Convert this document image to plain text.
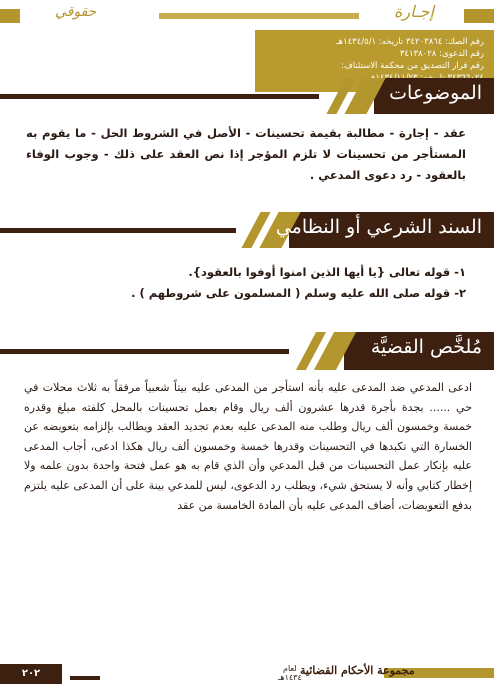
إجـارة
حقوقي
رقم الصك: ٣٤٢٠٣٨٦٤ تاريخه: ١٤٣٤/٥/١هـ
رقم الدعوى: ٣٤١٣٨٠٢٨
رقم قرار التصديق من محكمة الاستئناف:
الموضوعات
عقد - إجارة - مطالبة بقيمة تحسينات - الأصل في الشروط الحل - ما يقوم به المستأجر من تحسينات لا تلزم المؤجر إذا نص العقد على ذلك - وجوب الوفاء بالعقود - رد دعوى المدعي .
السند الشرعي أو النظامي
١- قوله تعالى {يا أيها الذين امنوا أوفوا بالعقود}.
٢- قوله صلى الله عليه وسلم ( المسلمون على شروطهم ) .
مُلخَّص القضيَّة

ادعى المدعي ضد المدعى عليه بأنه استأجر من المدعى عليه بيتاً شعبياً مرفقاً به ثلاث محلات في حي ...... بجدة بأجرة قدرها عشرون ألف ريال وقام بعمل تحسينات بالمحل كلفته مبلغ وقدره خمسة وخمسون ألف ريال وطلب منه المدعى عليه بعدم تجديد العقد ويطالب بإلزامه بتعويضه عن الخسارة التي تكبدها في التحسينات وقدرها خمسة وخمسون ألف ريال هكذا ادعى، أجاب المدعى عليه بإنكار عمل التحسينات من قبل المدعي وأن الذي قام به هو عمل فتحة واحدة بدون علمه ولا إخطار كتابي وأنه لا يستحق شيء، ويطلب رد الدعوى، ليس للمدعي بينة على أن المدعى عليه يلتزم بدفع التعويضات، أضاف المدعى عليه بأن المادة الخامسة من عقد

مجموعة الأحكام القضائية
لعام
١٤٣٤هـ
٢٠٢
